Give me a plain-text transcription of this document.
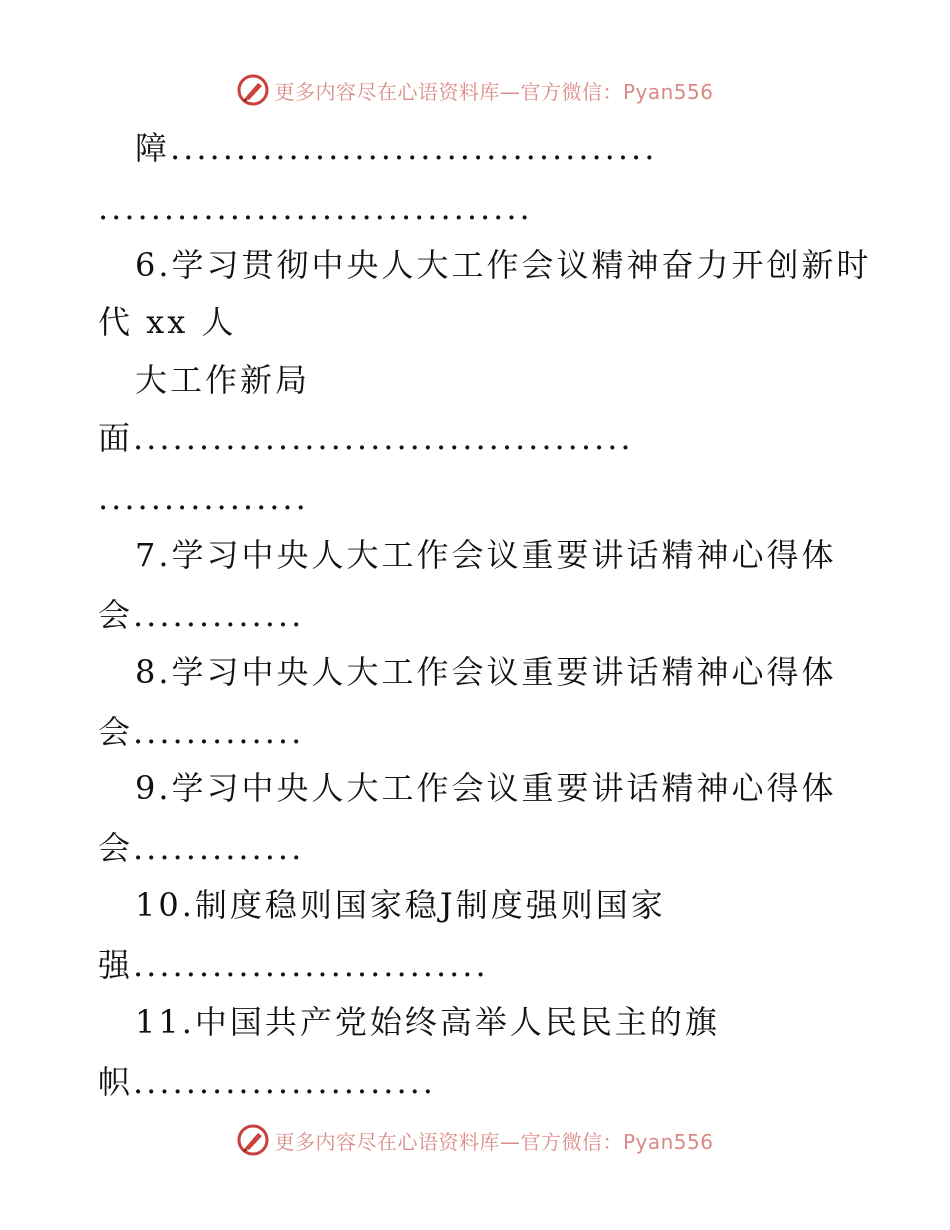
更多内容尽在心语资料库—官方微信：Pyan556
障.....................................
.................................
6.学习贯彻中央人大工作会议精神奋力开创新时
代 xx 人
大工作新局
面......................................
................
7.学习中央人大工作会议重要讲话精神心得体
会.............
8.学习中央人大工作会议重要讲话精神心得体
会.............
9.学习中央人大工作会议重要讲话精神心得体
会.............
10.制度稳则国家稳J制度强则国家
强...........................
11.中国共产党始终高举人民民主的旗
帜.......................
更多内容尽在心语资料库—官方微信：Pyan556
